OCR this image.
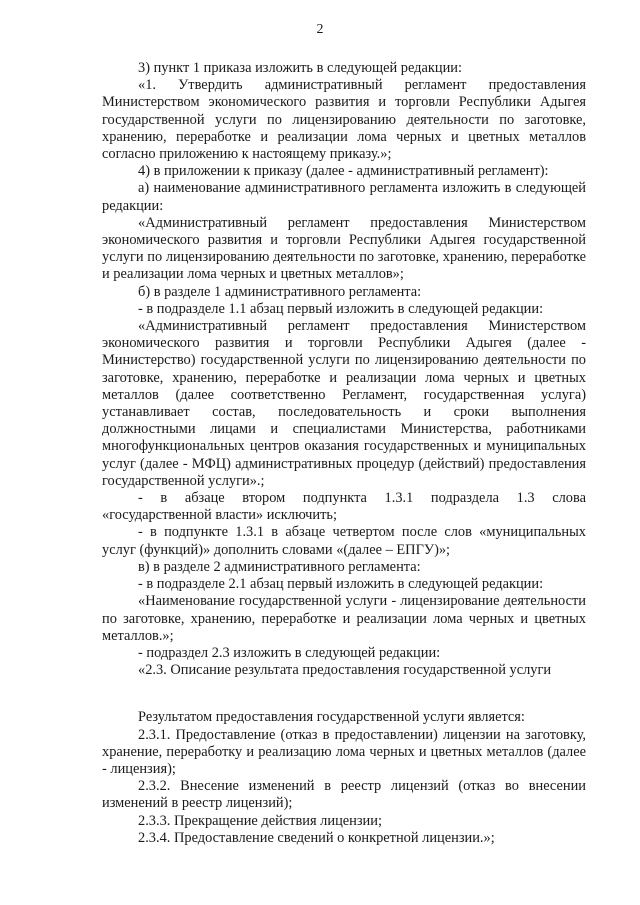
2

3) пункт 1 приказа изложить в следующей редакции:

«1. Утвердить административный регламент предоставления Министерством экономического развития и торговли Республики Адыгея государственной услуги по лицензированию деятельности по заготовке, хранению, переработке и реализации лома черных и цветных металлов согласно приложению к настоящему приказу.»;

4) в приложении к приказу (далее - административный регламент):

а) наименование административного регламента изложить в следующей редакции:

«Административный регламент предоставления Министерством экономического развития и торговли Республики Адыгея государственной услуги по лицензированию деятельности по заготовке, хранению, переработке и реализации лома черных и цветных металлов»;

б) в разделе 1 административного регламента:

- в подразделе 1.1 абзац первый изложить в следующей редакции:

«Административный регламент предоставления Министерством экономического развития и торговли Республики Адыгея (далее - Министерство) государственной услуги по лицензированию деятельности по заготовке, хранению, переработке и реализации лома черных и цветных металлов (далее соответственно Регламент, государственная услуга) устанавливает состав, последовательность и сроки выполнения должностными лицами и специалистами Министерства, работниками многофункциональных центров оказания государственных и муниципальных услуг (далее - МФЦ) административных процедур (действий) предоставления государственной услуги».;

- в абзаце втором подпункта 1.3.1 подраздела 1.3 слова «государственной власти» исключить;

- в подпункте 1.3.1 в абзаце четвертом после слов «муниципальных услуг (функций)» дополнить словами «(далее – ЕПГУ)»;

в) в разделе 2 административного регламента:

- в подразделе 2.1 абзац первый изложить в следующей редакции:

«Наименование государственной услуги - лицензирование деятельности по заготовке, хранению, переработке и реализации лома черных и цветных металлов.»;

- подраздел 2.3 изложить в следующей редакции:

«2.3. Описание результата предоставления государственной услуги

Результатом предоставления государственной услуги является:

2.3.1. Предоставление (отказ в предоставлении) лицензии на заготовку, хранение, переработку и реализацию лома черных и цветных металлов (далее - лицензия);

2.3.2. Внесение изменений в реестр лицензий (отказ во внесении изменений в реестр лицензий);

2.3.3. Прекращение действия лицензии;

2.3.4. Предоставление сведений о конкретной лицензии.»;
